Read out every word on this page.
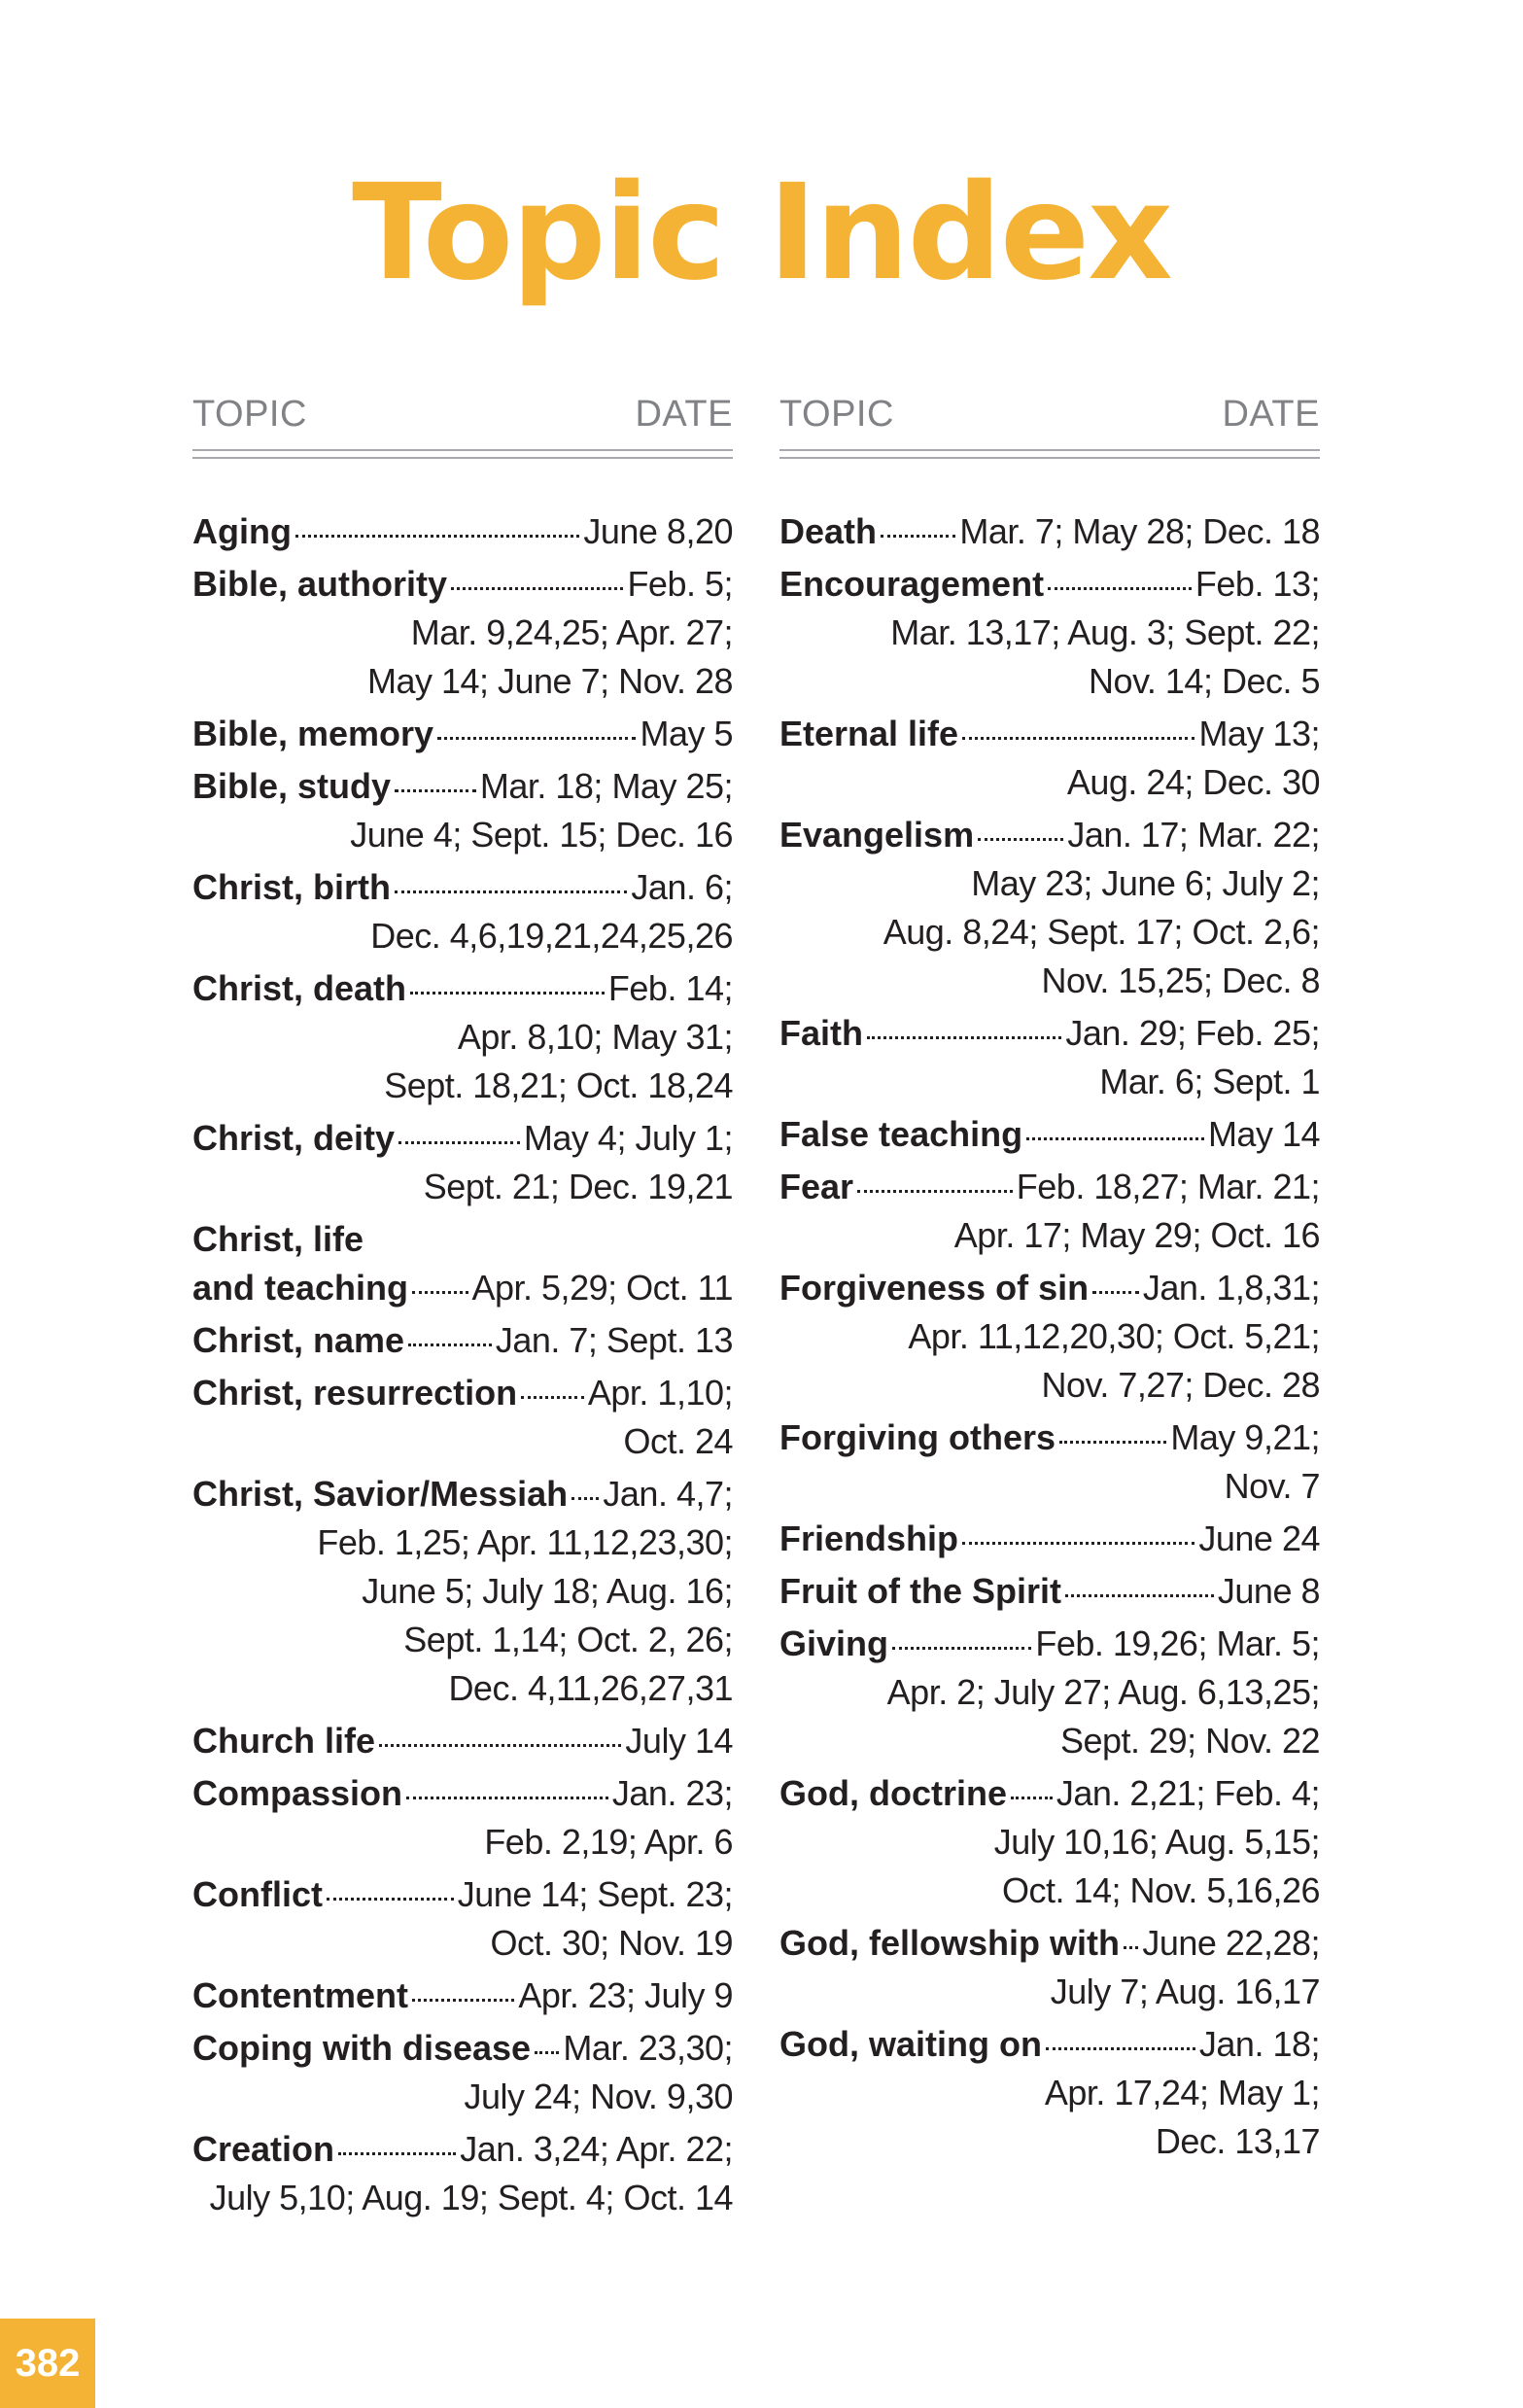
Topic Index
TOPIC	DATE
Aging	June 8,20
Bible, authority	Feb. 5;
Mar. 9,24,25; Apr. 27;
May 14; June 7; Nov. 28
Bible, memory	May 5
Bible, study	Mar. 18; May 25;
June 4; Sept. 15; Dec. 16
Christ, birth	Jan. 6;
Dec. 4,6,19,21,24,25,26
Christ, death	Feb. 14;
Apr. 8,10; May 31;
Sept. 18,21; Oct. 18,24
Christ, deity	May 4; July 1;
Sept. 21; Dec. 19,21
Christ, life
and teaching Apr. 5,29; Oct. 11
Christ, name	Jan. 7; Sept. 13
Christ, resurrection Apr. 1,10;
Oct. 24
Christ, Savior/Messiah Jan. 4,7;
Feb. 1,25; Apr. 11,12,23,30;
June 5; July 18; Aug. 16;
Sept. 1,14; Oct. 2, 26;
Dec. 4,11,26,27,31
Church life	July 14
Compassion	Jan. 23;
Feb. 2,19; Apr. 6
Conflict	June 14; Sept. 23;
Oct. 30; Nov. 19
Contentment	Apr. 23; July 9
Coping with disease Mar. 23,30;
July 24; Nov. 9,30
Creation	Jan. 3,24; Apr. 22;
July 5,10; Aug. 19; Sept. 4; Oct. 14
TOPIC	DATE
Death Mar. 7; May 28; Dec. 18
Encouragement	Feb. 13;
Mar. 13,17; Aug. 3; Sept. 22;
Nov. 14; Dec. 5
Eternal life	May 13;
Aug. 24; Dec. 30
Evangelism	Jan. 17; Mar. 22;
May 23; June 6; July 2;
Aug. 8,24; Sept. 17; Oct. 2,6;
Nov. 15,25; Dec. 8
Faith	Jan. 29; Feb. 25;
Mar. 6; Sept. 1
False teaching	May 14
Fear	Feb. 18,27; Mar. 21;
Apr. 17; May 29; Oct. 16
Forgiveness of sin Jan. 1,8,31;
Apr. 11,12,20,30; Oct. 5,21;
Nov. 7,27; Dec. 28
Forgiving others	May 9,21;
Nov. 7
Friendship	June 24
Fruit of the Spirit	June 8
Giving	Feb. 19,26; Mar. 5;
Apr. 2; July 27; Aug. 6,13,25;
Sept. 29; Nov. 22
God, doctrine Jan. 2,21; Feb. 4;
July 10,16; Aug. 5,15;
Oct. 14; Nov. 5,16,26
God, fellowship with June 22,28;
July 7; Aug. 16,17
God, waiting on	Jan. 18;
Apr. 17,24; May 1;
Dec. 13,17
382
